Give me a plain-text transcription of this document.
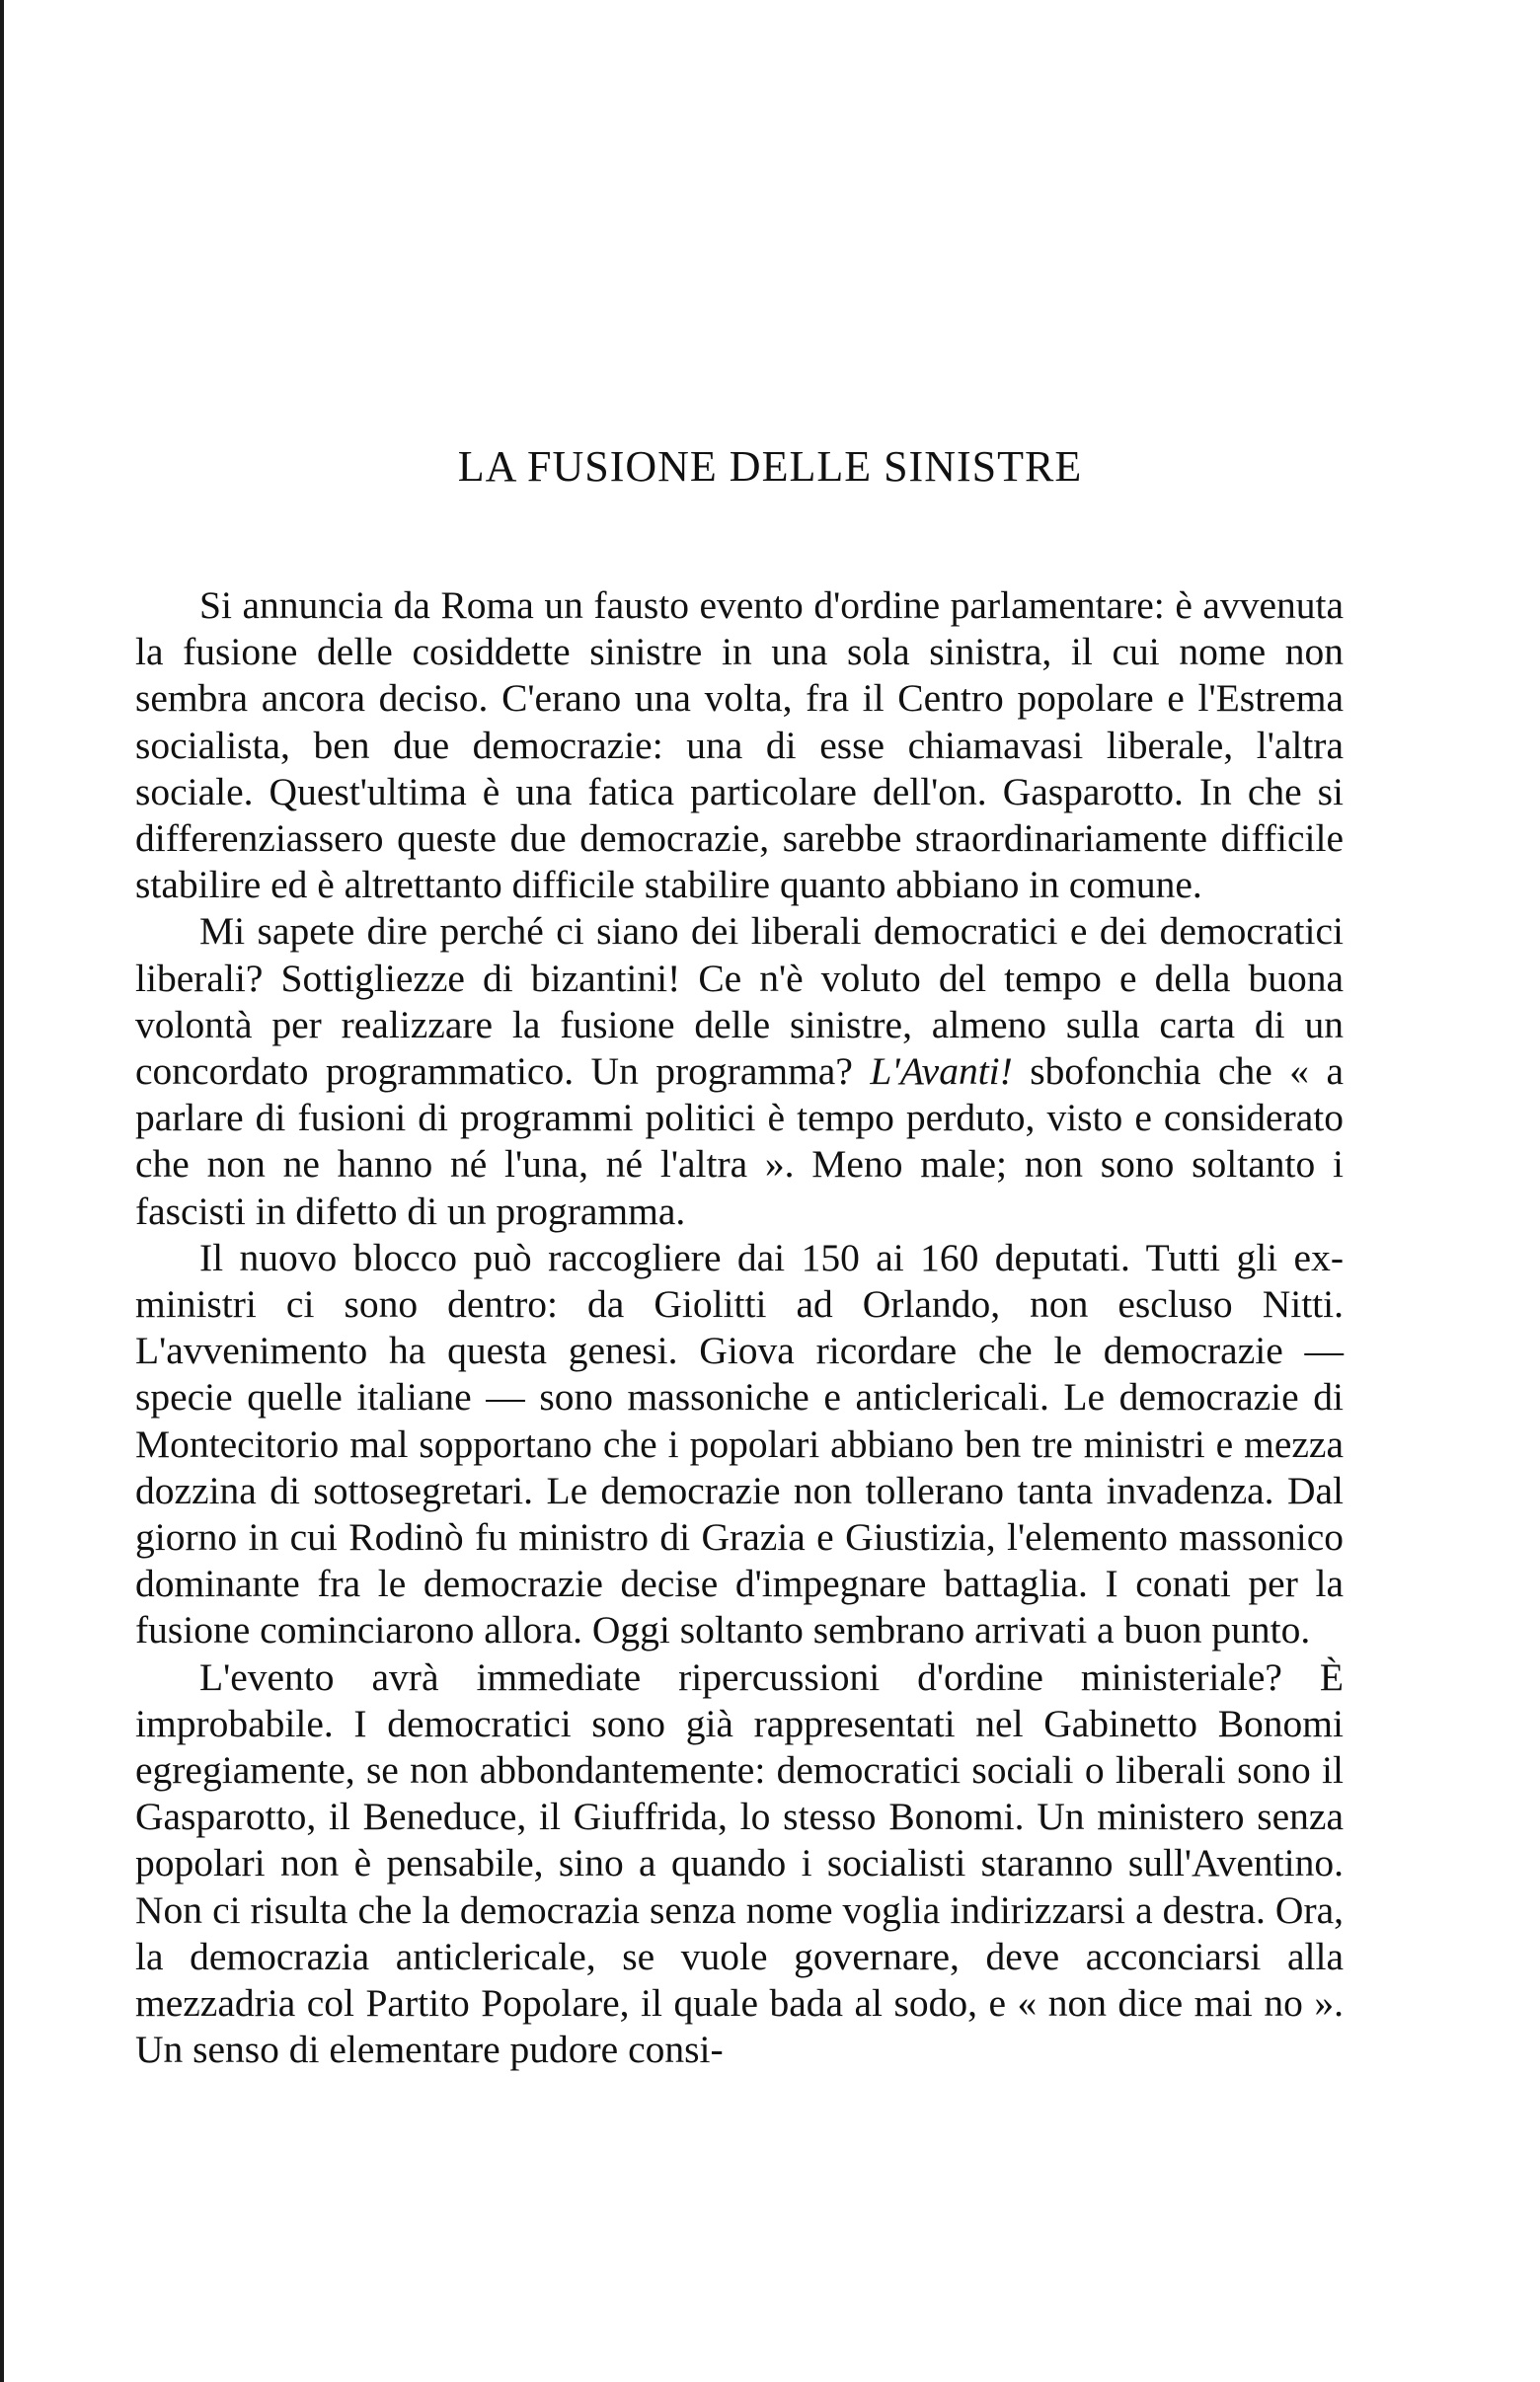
LA FUSIONE DELLE SINISTRE

Si annuncia da Roma un fausto evento d'ordine parlamentare: è avvenuta la fusione delle cosiddette sinistre in una sola sinistra, il cui nome non sembra ancora deciso. C'erano una volta, fra il Centro popolare e l'Estrema socialista, ben due democrazie: una di esse chiamavasi liberale, l'altra sociale. Quest'ultima è una fatica particolare dell'on. Gasparotto. In che si differenziassero queste due democrazie, sarebbe straordinariamente difficile stabilire ed è altrettanto difficile stabilire quanto abbiano in comune.

Mi sapete dire perché ci siano dei liberali democratici e dei democratici liberali? Sottigliezze di bizantini! Ce n'è voluto del tempo e della buona volontà per realizzare la fusione delle sinistre, almeno sulla carta di un concordato programmatico. Un programma? L'Avanti! sbofonchia che « a parlare di fusioni di programmi politici è tempo perduto, visto e considerato che non ne hanno né l'una, né l'altra ». Meno male; non sono soltanto i fascisti in difetto di un programma.

Il nuovo blocco può raccogliere dai 150 ai 160 deputati. Tutti gli ex-ministri ci sono dentro: da Giolitti ad Orlando, non escluso Nitti. L'avvenimento ha questa genesi. Giova ricordare che le democrazie — specie quelle italiane — sono massoniche e anticlericali. Le democrazie di Montecitorio mal sopportano che i popolari abbiano ben tre ministri e mezza dozzina di sottosegretari. Le democrazie non tollerano tanta invadenza. Dal giorno in cui Rodinò fu ministro di Grazia e Giustizia, l'elemento massonico dominante fra le democrazie decise d'impegnare battaglia. I conati per la fusione cominciarono allora. Oggi soltanto sembrano arrivati a buon punto.

L'evento avrà immediate ripercussioni d'ordine ministeriale? È improbabile. I democratici sono già rappresentati nel Gabinetto Bonomi egregiamente, se non abbondantemente: democratici sociali o liberali sono il Gasparotto, il Beneduce, il Giuffrida, lo stesso Bonomi. Un ministero senza popolari non è pensabile, sino a quando i socialisti staranno sull'Aventino. Non ci risulta che la democrazia senza nome voglia indirizzarsi a destra. Ora, la democrazia anticlericale, se vuole governare, deve acconciarsi alla mezzadria col Partito Popolare, il quale bada al sodo, e « non dice mai no ». Un senso di elementare pudore consi-
